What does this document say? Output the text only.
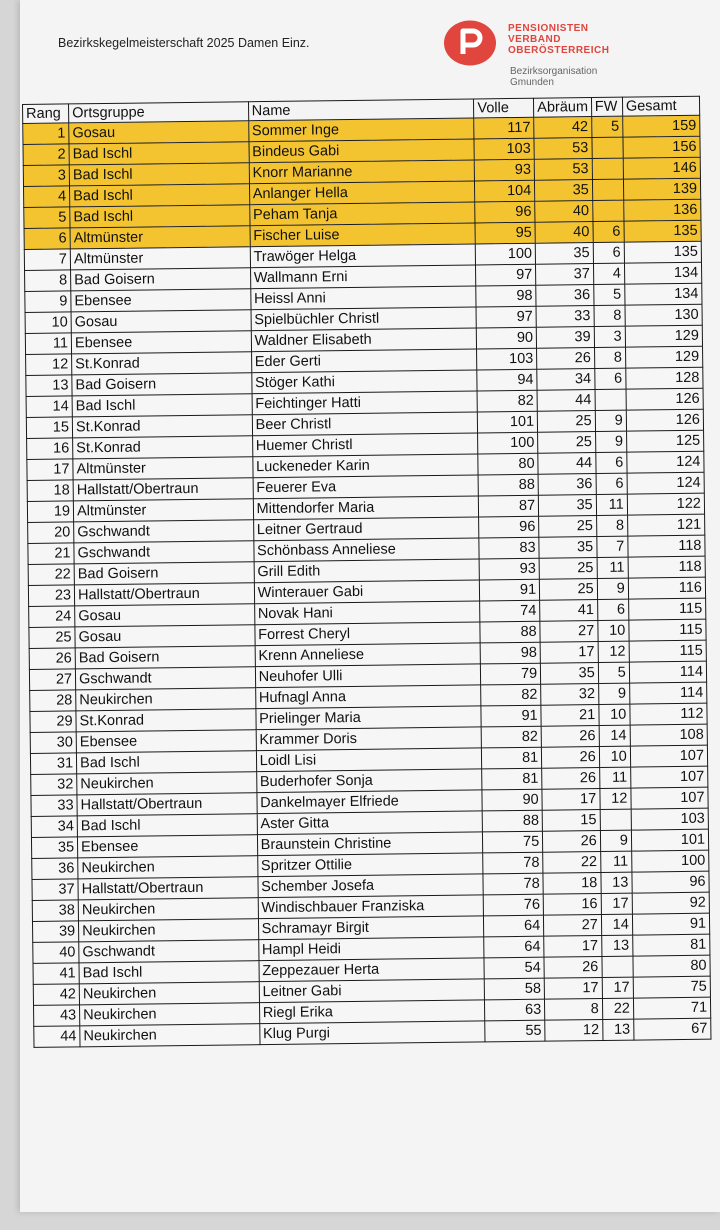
Bezirkskegelmeisterschaft 2025 Damen Einz.
PENSIONISTEN
VERBAND
OBERÖSTERREICH
Bezirksorganisation
Gmunden
Rang	Ortsgruppe	Name	Volle	Abräum	FW	Gesamt
1	Gosau	Sommer Inge	117	42	5	159
2	Bad Ischl	Bindeus Gabi	103	53		156
3	Bad Ischl	Knorr Marianne	93	53		146
4	Bad Ischl	Anlanger Hella	104	35		139
5	Bad Ischl	Peham Tanja	96	40		136
6	Altmünster	Fischer Luise	95	40	6	135
7	Altmünster	Trawöger Helga	100	35	6	135
8	Bad Goisern	Wallmann Erni	97	37	4	134
9	Ebensee	Heissl Anni	98	36	5	134
10	Gosau	Spielbüchler Christl	97	33	8	130
11	Ebensee	Waldner Elisabeth	90	39	3	129
12	St.Konrad	Eder Gerti	103	26	8	129
13	Bad Goisern	Stöger Kathi	94	34	6	128
14	Bad Ischl	Feichtinger Hatti	82	44		126
15	St.Konrad	Beer Christl	101	25	9	126
16	St.Konrad	Huemer Christl	100	25	9	125
17	Altmünster	Luckeneder Karin	80	44	6	124
18	Hallstatt/Obertraun	Feuerer Eva	88	36	6	124
19	Altmünster	Mittendorfer Maria	87	35	11	122
20	Gschwandt	Leitner Gertraud	96	25	8	121
21	Gschwandt	Schönbass Anneliese	83	35	7	118
22	Bad Goisern	Grill Edith	93	25	11	118
23	Hallstatt/Obertraun	Winterauer Gabi	91	25	9	116
24	Gosau	Novak Hani	74	41	6	115
25	Gosau	Forrest Cheryl	88	27	10	115
26	Bad Goisern	Krenn Anneliese	98	17	12	115
27	Gschwandt	Neuhofer Ulli	79	35	5	114
28	Neukirchen	Hufnagl Anna	82	32	9	114
29	St.Konrad	Prielinger Maria	91	21	10	112
30	Ebensee	Krammer Doris	82	26	14	108
31	Bad Ischl	Loidl Lisi	81	26	10	107
32	Neukirchen	Buderhofer Sonja	81	26	11	107
33	Hallstatt/Obertraun	Dankelmayer Elfriede	90	17	12	107
34	Bad Ischl	Aster Gitta	88	15		103
35	Ebensee	Braunstein Christine	75	26	9	101
36	Neukirchen	Spritzer Ottilie	78	22	11	100
37	Hallstatt/Obertraun	Schember Josefa	78	18	13	96
38	Neukirchen	Windischbauer Franziska	76	16	17	92
39	Neukirchen	Schramayr Birgit	64	27	14	91
40	Gschwandt	Hampl Heidi	64	17	13	81
41	Bad Ischl	Zeppezauer Herta	54	26		80
42	Neukirchen	Leitner Gabi	58	17	17	75
43	Neukirchen	Riegl Erika	63	8	22	71
44	Neukirchen	Klug Purgi	55	12	13	67
